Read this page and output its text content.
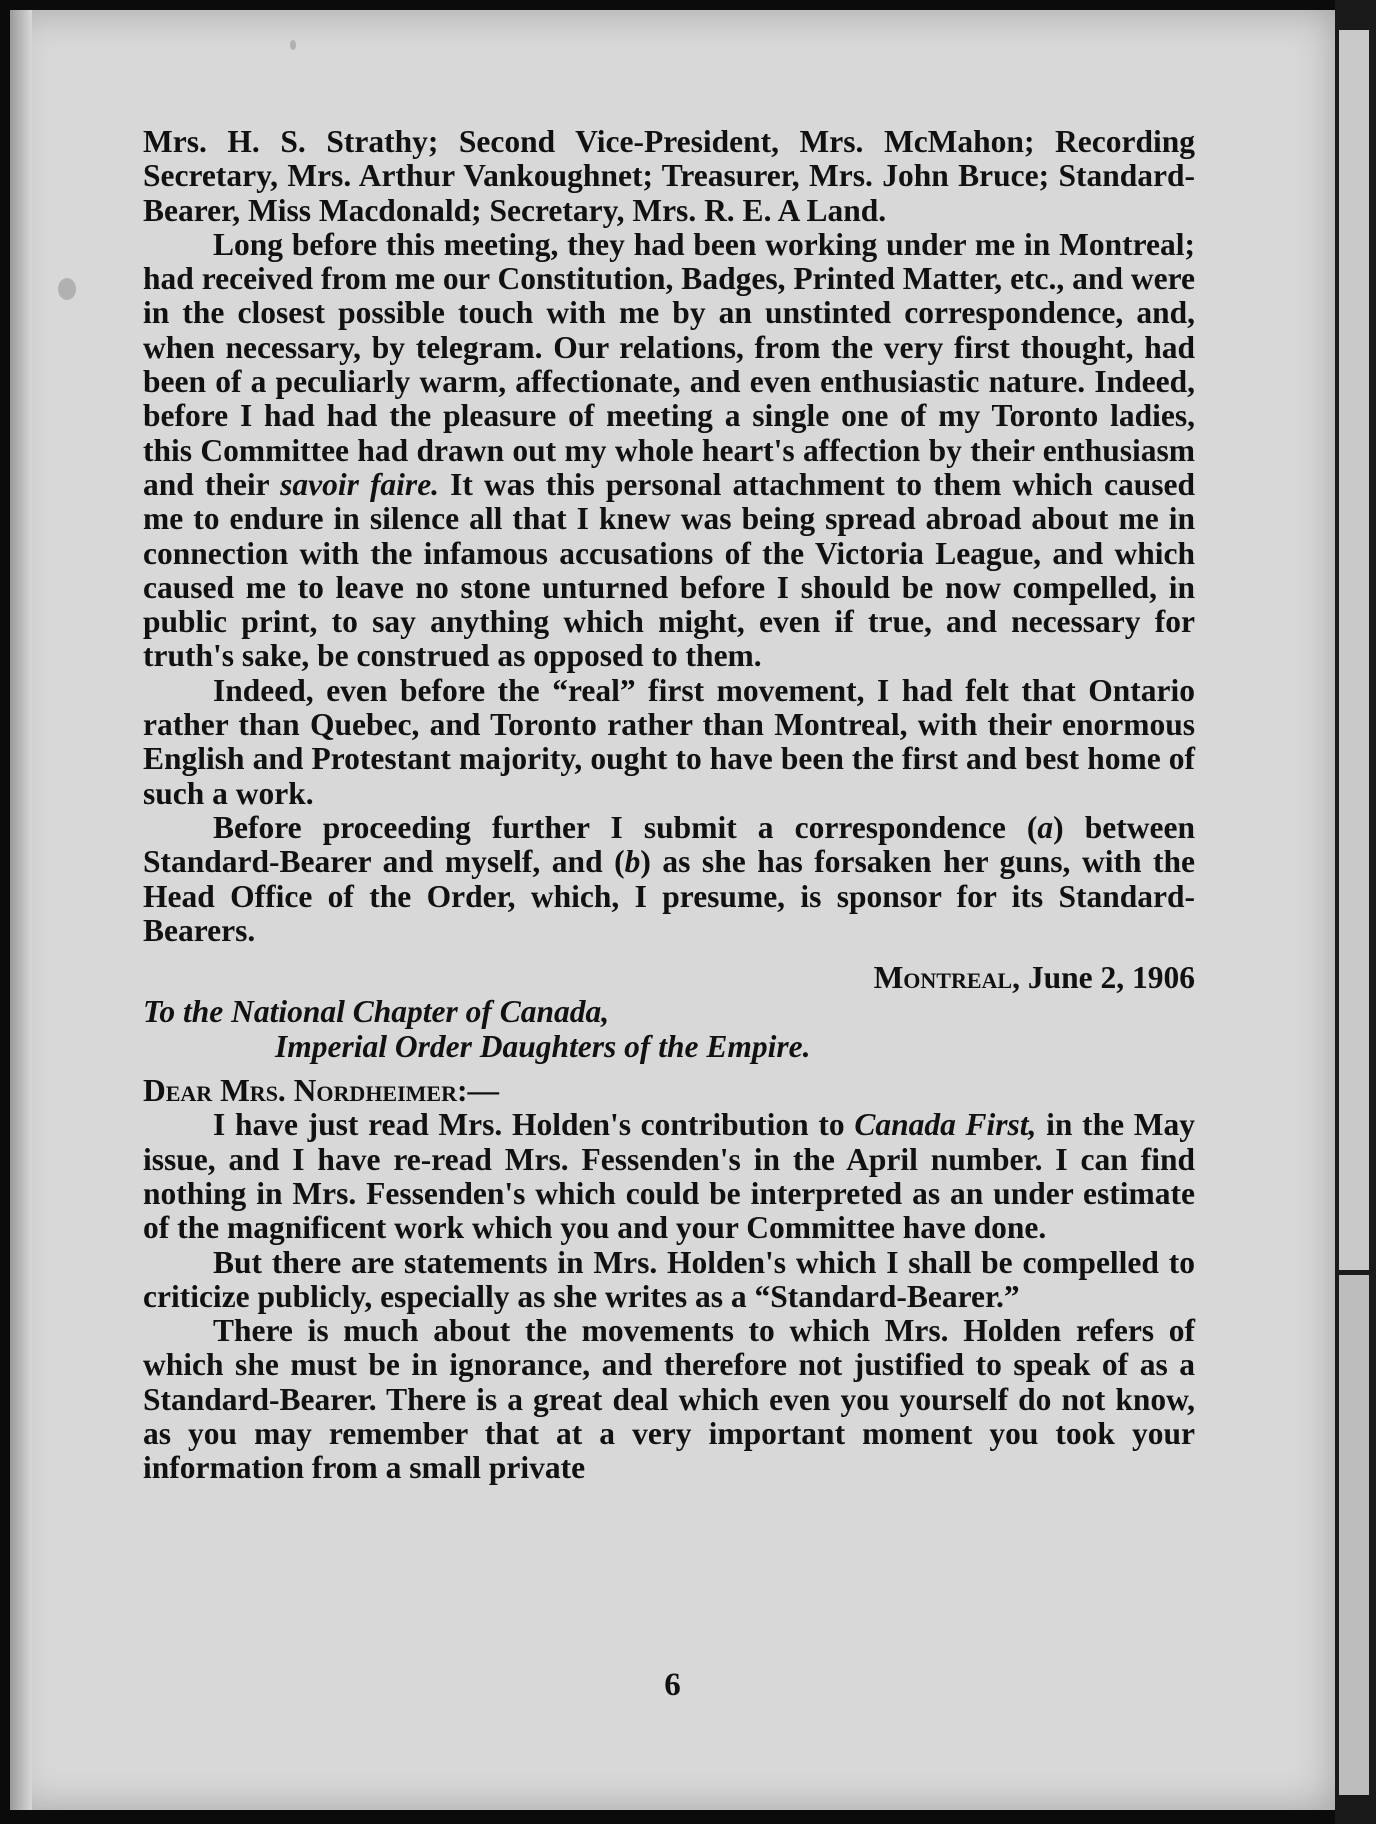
Mrs. H. S. Strathy; Second Vice-President, Mrs. McMahon; Recording Secretary, Mrs. Arthur Vankoughnet; Treasurer, Mrs. John Bruce; Standard-Bearer, Miss Macdonald; Secretary, Mrs. R. E. A Land.

Long before this meeting, they had been working under me in Montreal; had received from me our Constitution, Badges, Printed Matter, etc., and were in the closest possible touch with me by an unstinted correspondence, and, when necessary, by telegram. Our relations, from the very first thought, had been of a peculiarly warm, affectionate, and even enthusiastic nature. Indeed, before I had had the pleasure of meeting a single one of my Toronto ladies, this Committee had drawn out my whole heart's affection by their enthusiasm and their savoir faire. It was this personal attachment to them which caused me to endure in silence all that I knew was being spread abroad about me in connection with the infamous accusations of the Victoria League, and which caused me to leave no stone unturned before I should be now compelled, in public print, to say anything which might, even if true, and necessary for truth's sake, be construed as opposed to them.

Indeed, even before the “real” first movement, I had felt that Ontario rather than Quebec, and Toronto rather than Montreal, with their enormous English and Protestant majority, ought to have been the first and best home of such a work.

Before proceeding further I submit a correspondence (a) between Standard-Bearer and myself, and (b) as she has forsaken her guns, with the Head Office of the Order, which, I presume, is sponsor for its Standard-Bearers.

Montreal, June 2, 1906

To the National Chapter of Canada,

Imperial Order Daughters of the Empire.

Dear Mrs. Nordheimer:—

I have just read Mrs. Holden's contribution to Canada First, in the May issue, and I have re-read Mrs. Fessenden's in the April number. I can find nothing in Mrs. Fessenden's which could be interpreted as an under estimate of the magnificent work which you and your Committee have done.

But there are statements in Mrs. Holden's which I shall be compelled to criticize publicly, especially as she writes as a “Standard-Bearer.”

There is much about the movements to which Mrs. Holden refers of which she must be in ignorance, and therefore not justified to speak of as a Standard-Bearer. There is a great deal which even you yourself do not know, as you may remember that at a very important moment you took your information from a small private

6
